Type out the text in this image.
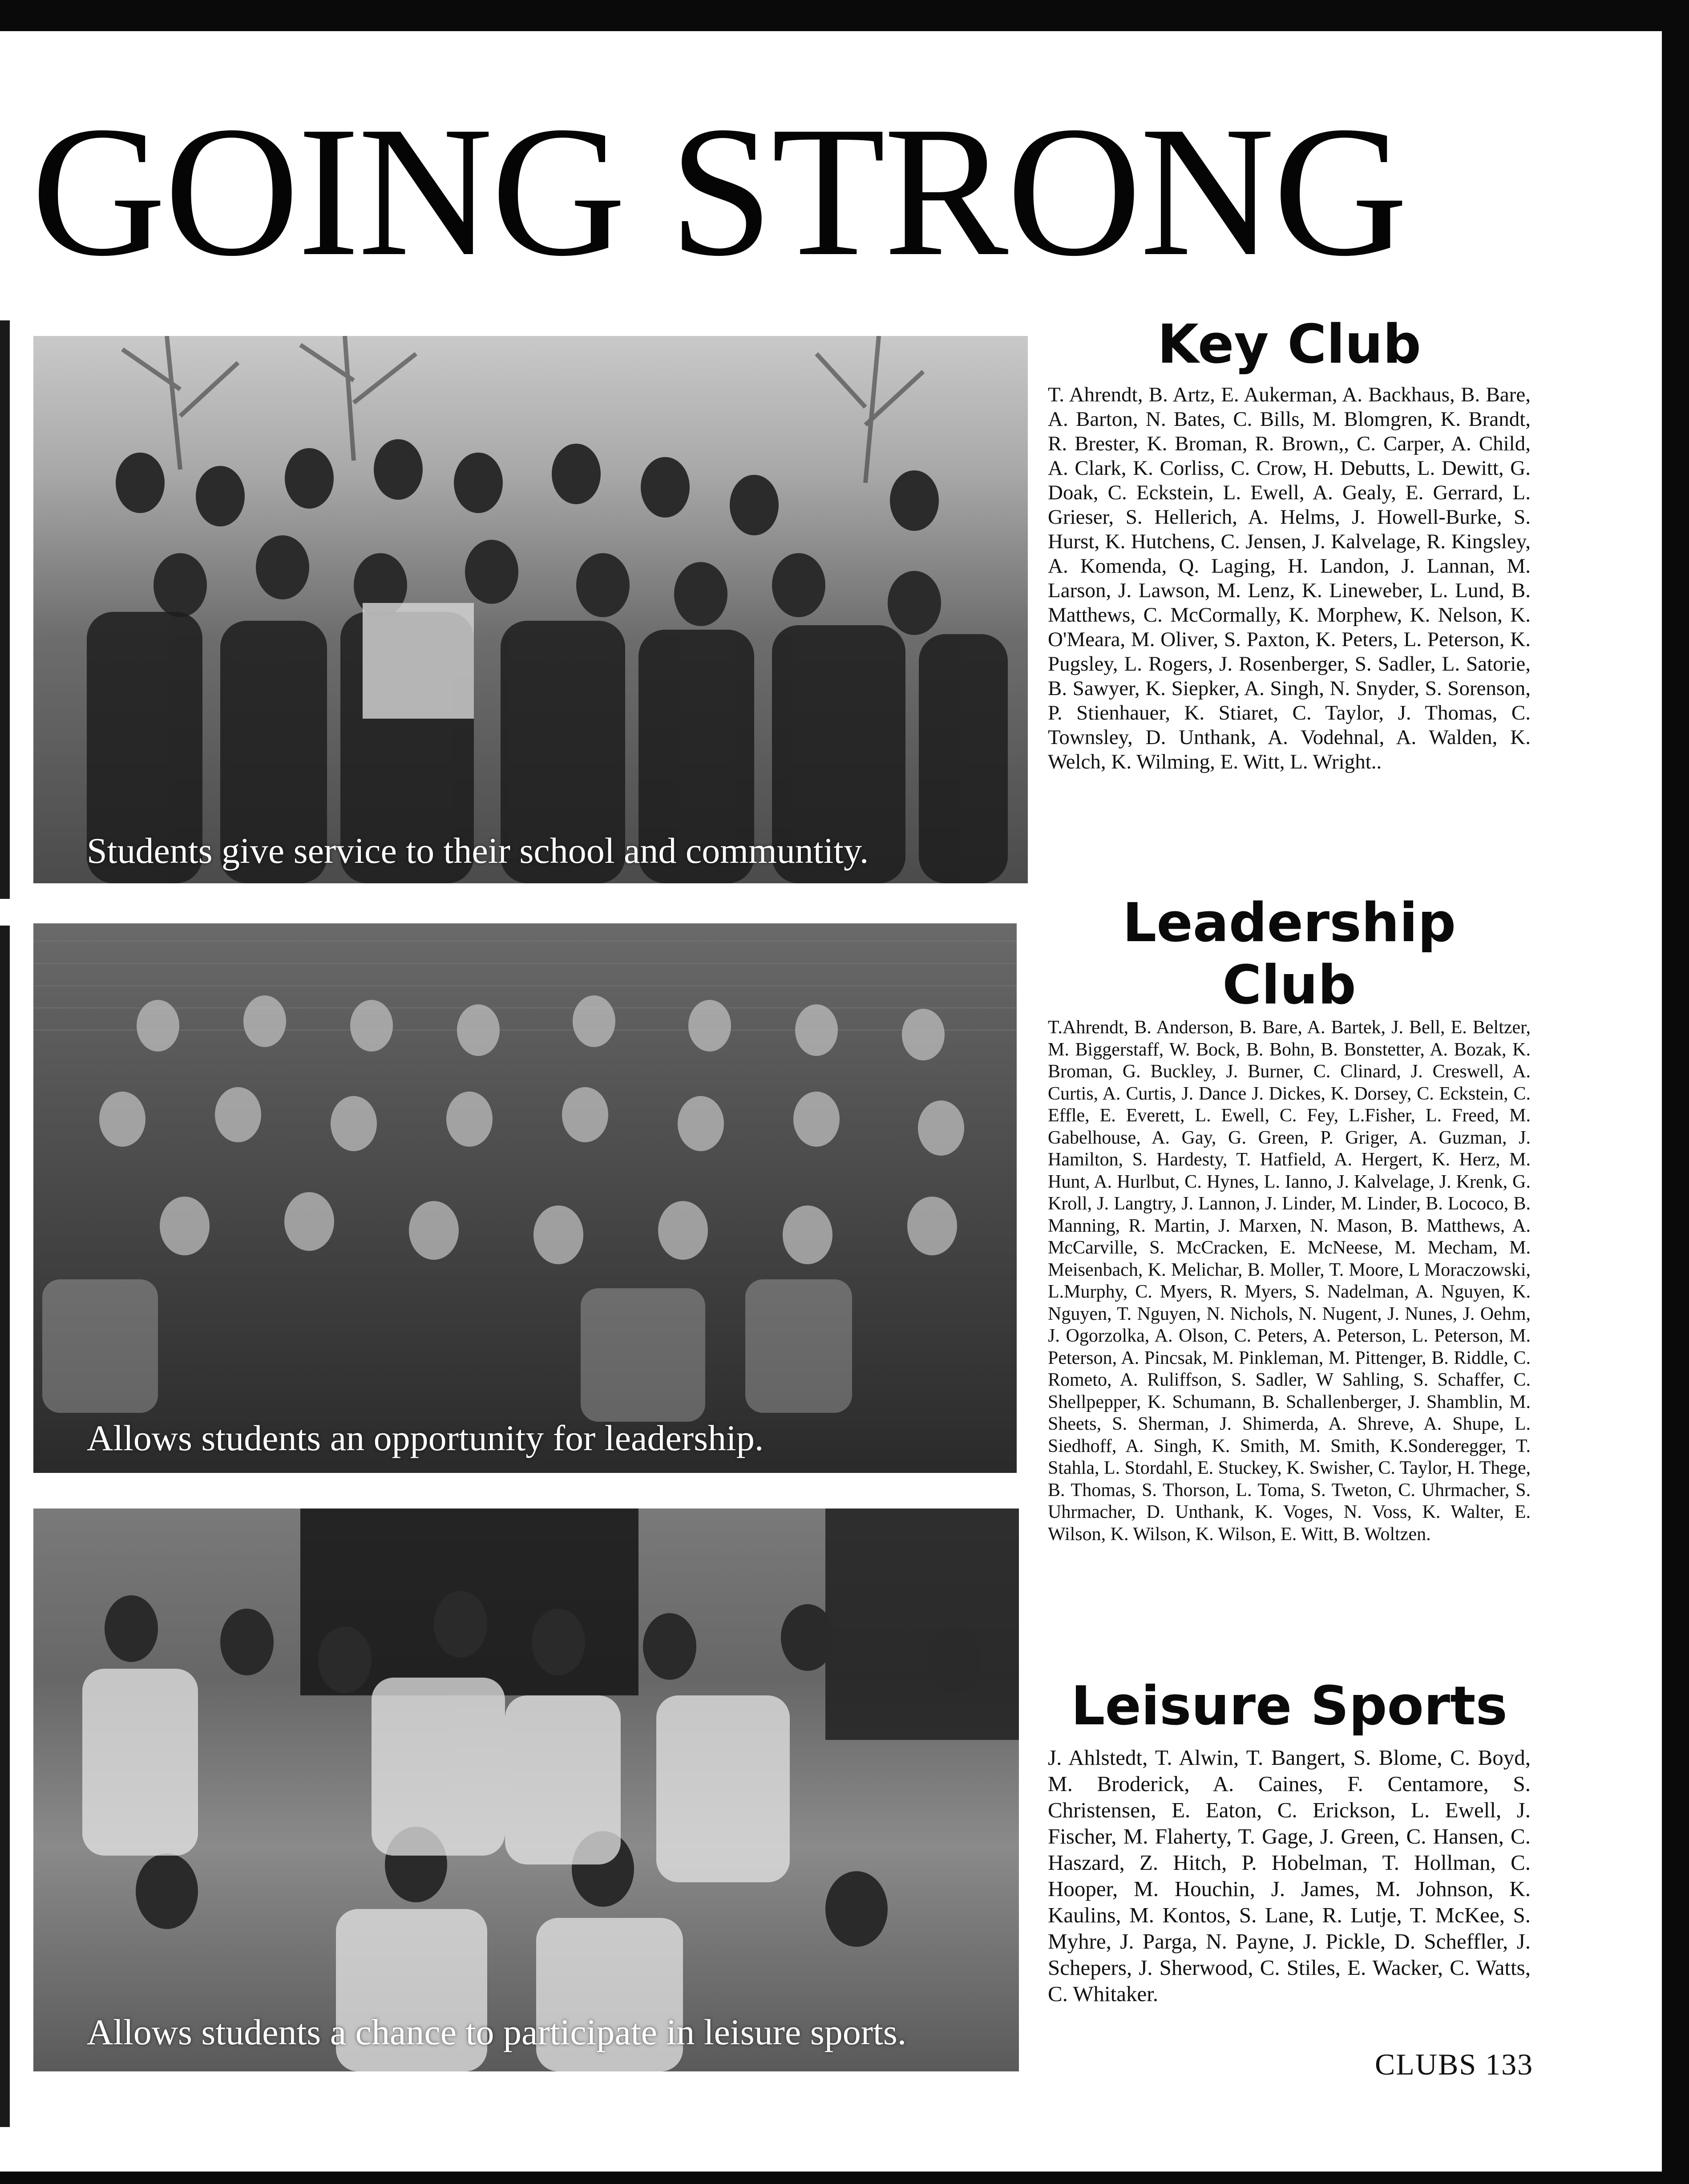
GOING STRONG
Students give service to their school and communtity.
Allows students an opportunity for leadership.
Allows students a chance to participate in leisure sports.
Key Club

T. Ahrendt, B. Artz, E. Aukerman, A. Backhaus, B. Bare, A. Barton, N. Bates, C. Bills, M. Blomgren, K. Brandt, R. Brester, K. Broman, R. Brown,, C. Carper, A. Child, A. Clark, K. Corliss, C. Crow, H. Debutts, L. Dewitt, G. Doak, C. Eckstein, L. Ewell, A. Gealy, E. Gerrard, L. Grieser, S. Hellerich, A. Helms, J. Howell-Burke, S. Hurst, K. Hutchens, C. Jensen, J. Kalvelage, R. Kingsley, A. Komenda, Q. Laging, H. Landon, J. Lannan, M. Larson, J. Lawson, M. Lenz, K. Lineweber, L. Lund, B. Matthews, C. McCormally, K. Morphew, K. Nelson, K. O'Meara, M. Oliver, S. Paxton, K. Peters, L. Peterson, K. Pugsley, L. Rogers, J. Rosenberger, S. Sadler, L. Satorie, B. Sawyer, K. Siepker, A. Singh, N. Snyder, S. Sorenson, P. Stienhauer, K. Stiaret, C. Taylor, J. Thomas, C. Townsley, D. Unthank, A. Vodehnal, A. Walden, K. Welch, K. Wilming, E. Witt, L. Wright..

Leadership Club

T.Ahrendt, B. Anderson, B. Bare, A. Bartek, J. Bell, E. Beltzer, M. Biggerstaff, W. Bock, B. Bohn, B. Bonstetter, A. Bozak, K. Broman, G. Buckley, J. Burner, C. Clinard, J. Creswell, A. Curtis, A. Curtis, J. Dance J. Dickes, K. Dorsey, C. Eckstein, C. Effle, E. Everett, L. Ewell, C. Fey, L.Fisher, L. Freed, M. Gabelhouse, A. Gay, G. Green, P. Griger, A. Guzman, J. Hamilton, S. Hardesty, T. Hatfield, A. Hergert, K. Herz, M. Hunt, A. Hurlbut, C. Hynes, L. Ianno, J. Kalvelage, J. Krenk, G. Kroll, J. Langtry, J. Lannon, J. Linder, M. Linder, B. Lococo, B. Manning, R. Martin, J. Marxen, N. Mason, B. Matthews, A. McCarville, S. McCracken, E. McNeese, M. Mecham, M. Meisenbach, K. Melichar, B. Moller, T. Moore, L Moraczowski, L.Murphy, C. Myers, R. Myers, S. Nadelman, A. Nguyen, K. Nguyen, T. Nguyen, N. Nichols, N. Nugent, J. Nunes, J. Oehm, J. Ogorzolka, A. Olson, C. Peters, A. Peterson, L. Peterson, M. Peterson, A. Pincsak, M. Pinkleman, M. Pittenger, B. Riddle, C. Rometo, A. Ruliffson, S. Sadler, W Sahling, S. Schaffer, C. Shellpepper, K. Schumann, B. Schallenberger, J. Shamblin, M. Sheets, S. Sherman, J. Shimerda, A. Shreve, A. Shupe, L. Siedhoff, A. Singh, K. Smith, M. Smith, K.Sonderegger, T. Stahla, L. Stordahl, E. Stuckey, K. Swisher, C. Taylor, H. Thege, B. Thomas, S. Thorson, L. Toma, S. Tweton, C. Uhrmacher, S. Uhrmacher, D. Unthank, K. Voges, N. Voss, K. Walter, E. Wilson, K. Wilson, K. Wilson, E. Witt, B. Woltzen.

Leisure Sports

J. Ahlstedt, T. Alwin, T. Bangert, S. Blome, C. Boyd, M. Broderick, A. Caines, F. Centamore, S. Christensen, E. Eaton, C. Erickson, L. Ewell, J. Fischer, M. Flaherty, T. Gage, J. Green, C. Hansen, C. Haszard, Z. Hitch, P. Hobelman, T. Hollman, C. Hooper, M. Houchin, J. James, M. Johnson, K. Kaulins, M. Kontos, S. Lane, R. Lutje, T. McKee, S. Myhre, J. Parga, N. Payne, J. Pickle, D. Scheffler, J. Schepers, J. Sherwood, C. Stiles, E. Wacker, C. Watts, C. Whitaker.

CLUBS 133
